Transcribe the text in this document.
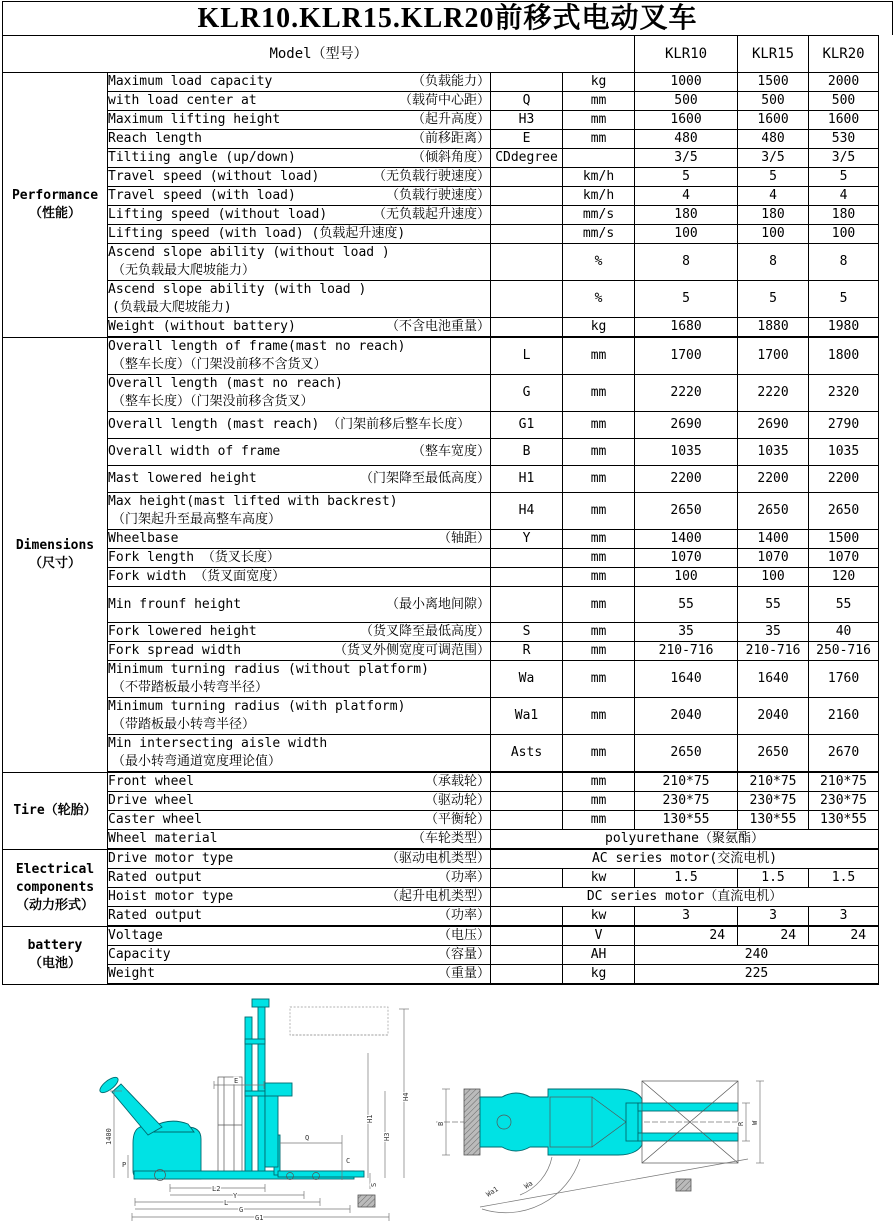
KLR10.KLR15.KLR20前移式电动叉车
Model（型号）				KLR10	KLR15	KLR20

Performance
（性能）

Maximum load capacity	（负载能力）		kg	1000	1500	2000

	with load center at （载荷中心距）	Q	mm	500	500	500

	Maximum lifting height （起升高度）	H3	mm	1600	1600	1600

	Reach length （前移距离）	E	mm	480	480	530

	Tiltiing angle (up/down) （倾斜角度）	CDdegree		3/5	3/5	3/5

	Travel speed (without load) （无负载行驶速度）		km/h	5	5	5

	Travel speed (with load) （负载行驶速度）		km/h	4	4	4

	Lifting speed (without load) （无负载起升速度）		mm/s	180	180	180
	Lifting speed (with load) (负载起升速度)		mm/s	100	100	100

	Ascend slope ability (without load )
（无负载最大爬坡能力）		%	8	8	8

	Ascend slope ability (with load )
(负载最大爬坡能力)		%	5	5	5

	Weight (without battery) （不含电池重量）		kg	1680	1880	1980

Dimensions
（尺寸）

Overall length of frame(mast no reach)
（整车长度）（门架没前移不含货叉）
	L	mm	1700	1700	1800

	Overall length (mast no reach)
（整车长度）（门架没前移含货叉）	G	mm	2220	2220	2320
	Overall length (mast reach) （门架前移后整车长度）	G1	mm	2690	2690	2790

	Overall width of frame （整车宽度）	B	mm	1035	1035	1035

	Mast lowered height （门架降至最低高度）	H1	mm	2200	2200	2200

	Max height(mast lifted with backrest)
（门架起升至最高整车高度）	H4	mm	2650	2650	2650

	Wheelbase （轴距）	Y	mm	1400	1400	1500
	Fork length （货叉长度）		mm	1070	1070	1070
	Fork width （货叉面宽度）		mm	100	100	120

	Min frounf height （最小离地间隙）		mm	55	55	55

	Fork lowered height （货叉降至最低高度）	S	mm	35	35	40

	Fork spread width （货叉外侧宽度可调范围）	R	mm	210-716	210-716	250-716

	Minimum turning radius (without platform)
（不带踏板最小转弯半径）	Wa	mm	1640	1640	1760

	Minimum turning radius (with platform)
（带踏板最小转弯半径）	Wa1	mm	2040	2040	2160

	Min intersecting aisle width
（最小转弯通道宽度理论值）	Asts	mm	2650	2650	2670

Tire（轮胎）	Front wheel （承载轮）		mm	210*75	210*75	210*75

	Drive wheel （驱动轮）		mm	230*75	230*75	230*75

	Caster wheel （平衡轮）		mm	130*55	130*55	130*55

	Wheel material （车轮类型）	polyurethane（聚氨酯）				

Electrical
components
（动力形式）

Drive motor type	（驱动电机类型）	AC series motor(交流电机)

	Rated output （功率）		kw	1.5	1.5	1.5

	Hoist motor type （起升电机类型）	DC series motor（直流电机）				

	Rated output （功率）		kw	3	3	3

battery
（电池）

Voltage	（电压）		V	24	24	24

	Capacity （容量）		AH	240		

	Weight （重量）		kg	225		
1400
P
E
Q
H1
H3
H4
C
S
L2
Y
L
G
G1
Wa1
Wa
B	R W
